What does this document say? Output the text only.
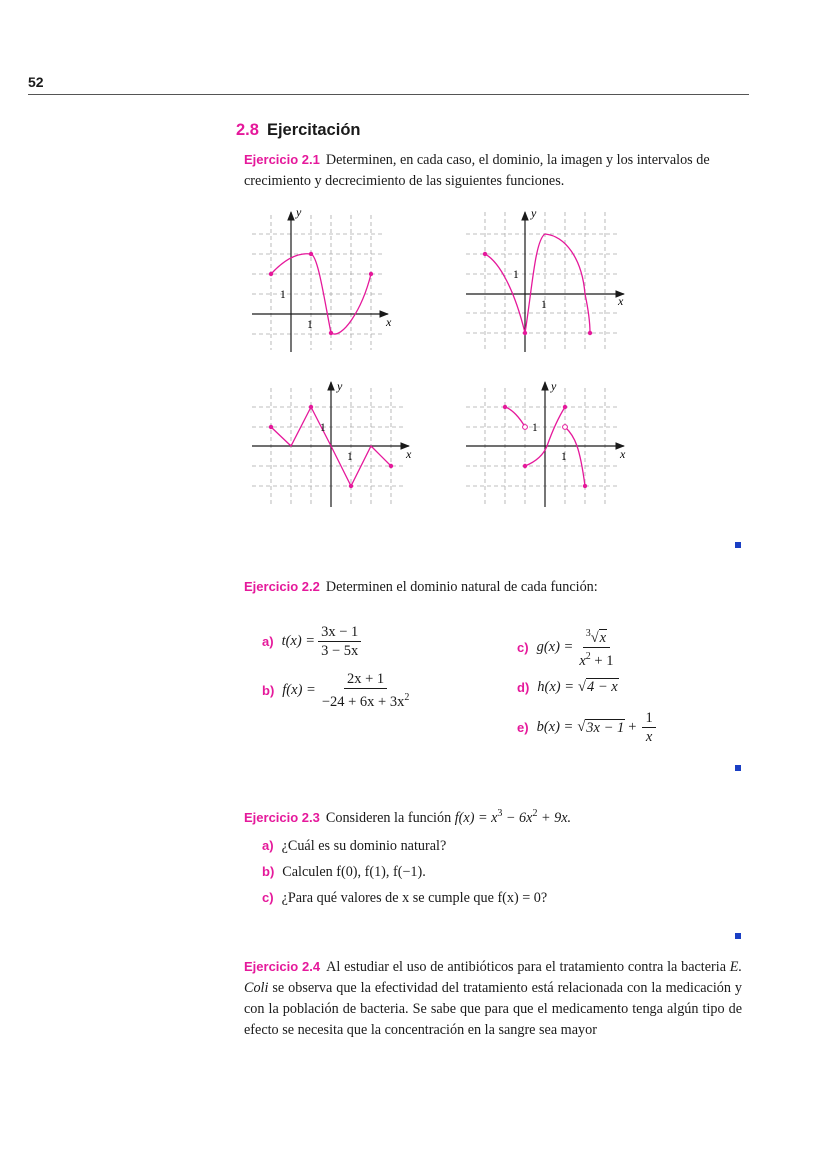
52
2.8 Ejercitación
Ejercicio 2.1 Determinen, en cada caso, el dominio, la imagen y los intervalos de crecimiento y decrecimiento de las siguientes funciones.
y
x
1
1
y
x
1
1
y
x
1
1
y
x
1
1
Ejercicio 2.2 Determinen el dominio natural de cada función:
a) $t(x) = \frac{3x - 1}{3 - 5x}$
b) $f(x) = \frac{2x + 1}{-24 + 6x + 3x^2}$
c) $g(x) = \frac{^3√x}{x^2 + 1}$
d) h(x) = √ 4 − x
e) b(x) = √ $3x - 1 + \frac{1}{x}$
Ejercicio 2.3 Consideren la función $f(x) = x^3 - 6x^2 + 9x$.
a) ¿Cuál es su dominio natural?
b) Calculen f(0), f(1), f(−1).
c) ¿Para qué valores de x se cumple que f(x) = 0?
Ejercicio 2.4 Al estudiar el uso de antibióticos para el tratamiento contra la bacteria E. Coli se observa que la efectividad del tratamiento está relacionada con la medicación y con la población de bacteria. Se sabe que para que el medicamento tenga algún tipo de efecto se necesita que la concentración en la sangre sea mayor
